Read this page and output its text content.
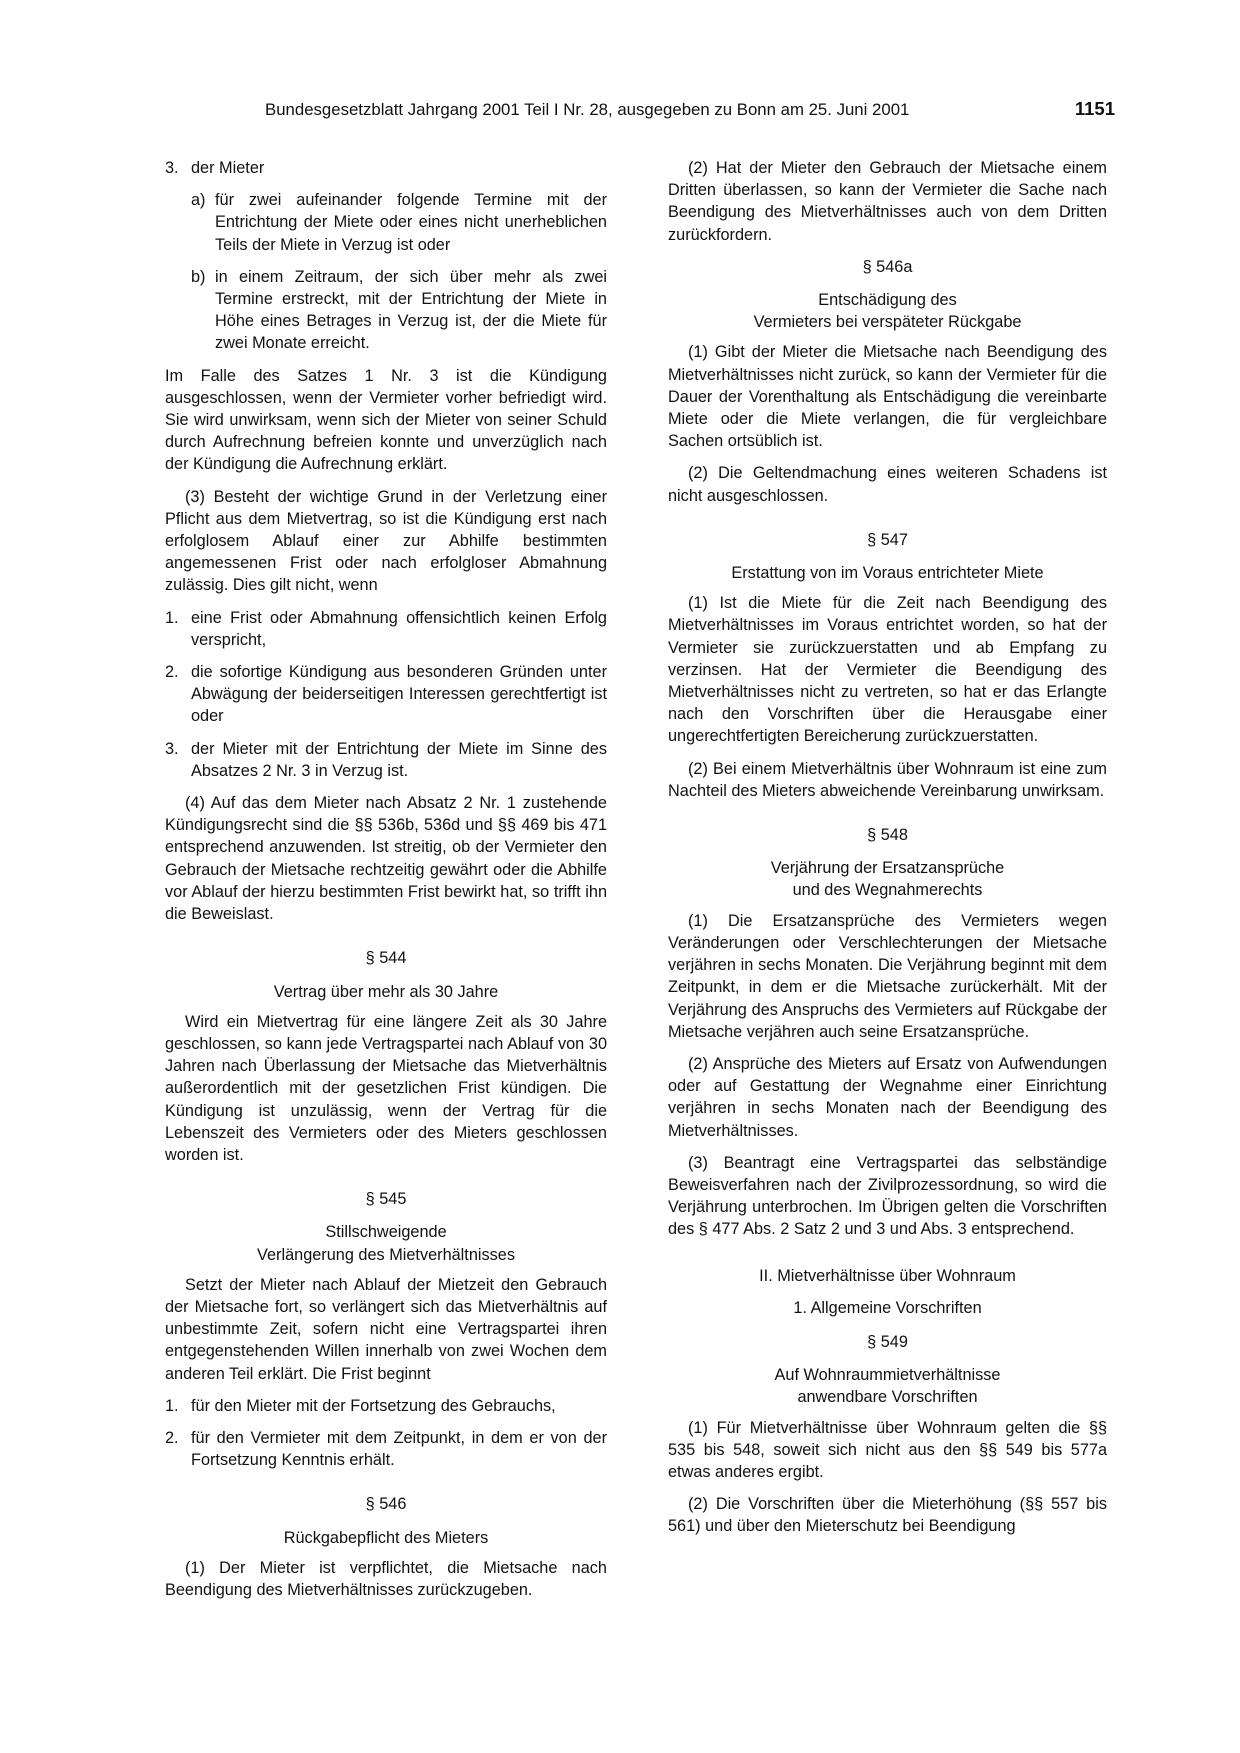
Bundesgesetzblatt Jahrgang 2001 Teil I Nr. 28, ausgegeben zu Bonn am 25. Juni 2001	1151
3. der Mieter
a) für zwei aufeinander folgende Termine mit der Entrichtung der Miete oder eines nicht unerheblichen Teils der Miete in Verzug ist oder
b) in einem Zeitraum, der sich über mehr als zwei Termine erstreckt, mit der Entrichtung der Miete in Höhe eines Betrages in Verzug ist, der die Miete für zwei Monate erreicht.

Im Falle des Satzes 1 Nr. 3 ist die Kündigung ausgeschlossen, wenn der Vermieter vorher befriedigt wird. Sie wird unwirksam, wenn sich der Mieter von seiner Schuld durch Aufrechnung befreien konnte und unverzüglich nach der Kündigung die Aufrechnung erklärt.

(3) Besteht der wichtige Grund in der Verletzung einer Pflicht aus dem Mietvertrag, so ist die Kündigung erst nach erfolglosem Ablauf einer zur Abhilfe bestimmten angemessenen Frist oder nach erfolgloser Abmahnung zulässig. Dies gilt nicht, wenn

1. eine Frist oder Abmahnung offensichtlich keinen Erfolg verspricht,
2. die sofortige Kündigung aus besonderen Gründen unter Abwägung der beiderseitigen Interessen gerechtfertigt ist oder
3. der Mieter mit der Entrichtung der Miete im Sinne des Absatzes 2 Nr. 3 in Verzug ist.

(4) Auf das dem Mieter nach Absatz 2 Nr. 1 zustehende Kündigungsrecht sind die §§ 536b, 536d und §§ 469 bis 471 entsprechend anzuwenden. Ist streitig, ob der Vermieter den Gebrauch der Mietsache rechtzeitig gewährt oder die Abhilfe vor Ablauf der hierzu bestimmten Frist bewirkt hat, so trifft ihn die Beweislast.

§ 544
Vertrag über mehr als 30 Jahre

Wird ein Mietvertrag für eine längere Zeit als 30 Jahre geschlossen, so kann jede Vertragspartei nach Ablauf von 30 Jahren nach Überlassung der Mietsache das Mietverhältnis außerordentlich mit der gesetzlichen Frist kündigen. Die Kündigung ist unzulässig, wenn der Vertrag für die Lebenszeit des Vermieters oder des Mieters geschlossen worden ist.

§ 545
Stillschweigende
Verlängerung des Mietverhältnisses

Setzt der Mieter nach Ablauf der Mietzeit den Gebrauch der Mietsache fort, so verlängert sich das Mietverhältnis auf unbestimmte Zeit, sofern nicht eine Vertragspartei ihren entgegenstehenden Willen innerhalb von zwei Wochen dem anderen Teil erklärt. Die Frist beginnt

1. für den Mieter mit der Fortsetzung des Gebrauchs,
2. für den Vermieter mit dem Zeitpunkt, in dem er von der Fortsetzung Kenntnis erhält.
§ 546
Rückgabepflicht des Mieters

(1) Der Mieter ist verpflichtet, die Mietsache nach Beendigung des Mietverhältnisses zurückzugeben.

(2) Hat der Mieter den Gebrauch der Mietsache einem Dritten überlassen, so kann der Vermieter die Sache nach Beendigung des Mietverhältnisses auch von dem Dritten zurückfordern.

§ 546a
Entschädigung des
Vermieters bei verspäteter Rückgabe

(1) Gibt der Mieter die Mietsache nach Beendigung des Mietverhältnisses nicht zurück, so kann der Vermieter für die Dauer der Vorenthaltung als Entschädigung die vereinbarte Miete oder die Miete verlangen, die für vergleichbare Sachen ortsüblich ist.

(2) Die Geltendmachung eines weiteren Schadens ist nicht ausgeschlossen.

§ 547
Erstattung von im Voraus entrichteter Miete

(1) Ist die Miete für die Zeit nach Beendigung des Mietverhältnisses im Voraus entrichtet worden, so hat der Vermieter sie zurückzuerstatten und ab Empfang zu verzinsen. Hat der Vermieter die Beendigung des Mietverhältnisses nicht zu vertreten, so hat er das Erlangte nach den Vorschriften über die Herausgabe einer ungerechtfertigten Bereicherung zurückzuerstatten.

(2) Bei einem Mietverhältnis über Wohnraum ist eine zum Nachteil des Mieters abweichende Vereinbarung unwirksam.

§ 548
Verjährung der Ersatzansprüche
und des Wegnahmerechts

(1) Die Ersatzansprüche des Vermieters wegen Veränderungen oder Verschlechterungen der Mietsache verjähren in sechs Monaten. Die Verjährung beginnt mit dem Zeitpunkt, in dem er die Mietsache zurückerhält. Mit der Verjährung des Anspruchs des Vermieters auf Rückgabe der Mietsache verjähren auch seine Ersatzansprüche.

(2) Ansprüche des Mieters auf Ersatz von Aufwendungen oder auf Gestattung der Wegnahme einer Einrichtung verjähren in sechs Monaten nach der Beendigung des Mietverhältnisses.

(3) Beantragt eine Vertragspartei das selbständige Beweisverfahren nach der Zivilprozessordnung, so wird die Verjährung unterbrochen. Im Übrigen gelten die Vorschriften des § 477 Abs. 2 Satz 2 und 3 und Abs. 3 entsprechend.

II. Mietverhältnisse über Wohnraum
1. Allgemeine Vorschriften
§ 549
Auf Wohnraummietverhältnisse
anwendbare Vorschriften

(1) Für Mietverhältnisse über Wohnraum gelten die §§ 535 bis 548, soweit sich nicht aus den §§ 549 bis 577a etwas anderes ergibt.

(2) Die Vorschriften über die Mieterhöhung (§§ 557 bis 561) und über den Mieterschutz bei Beendigung
